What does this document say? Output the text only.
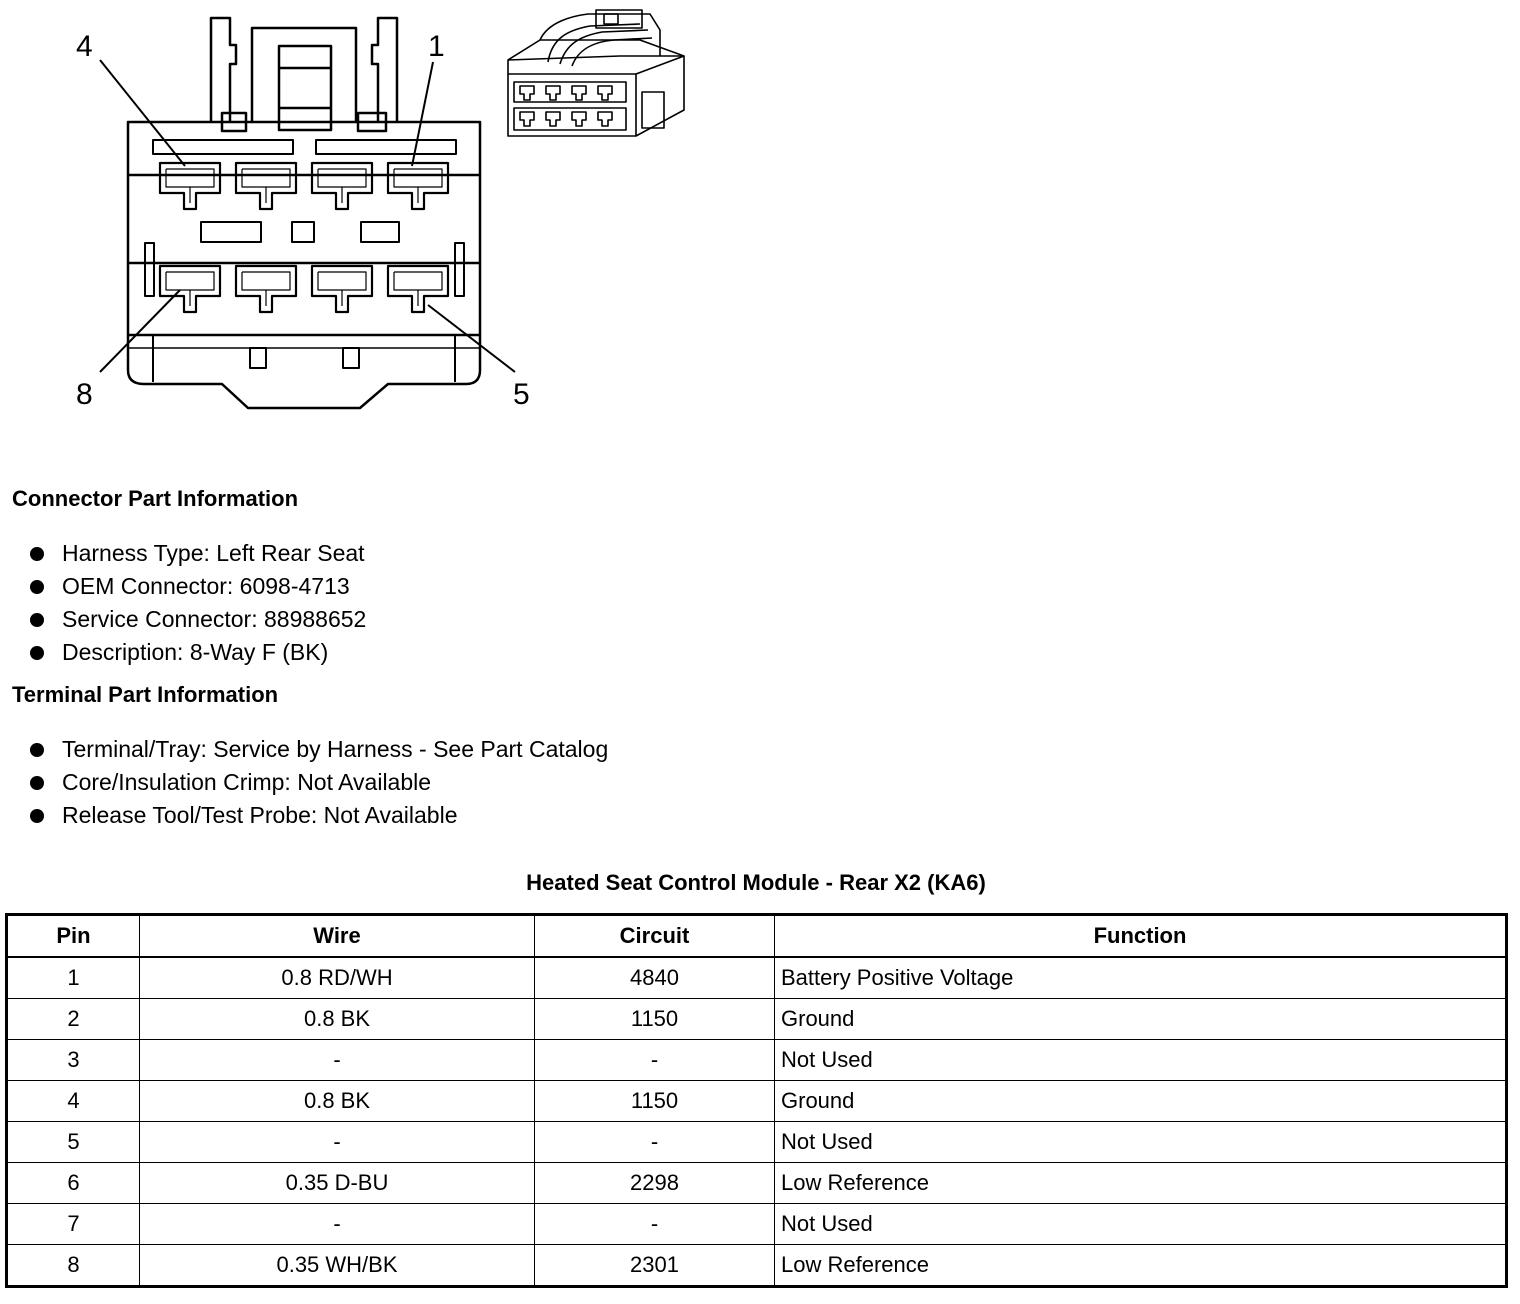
4	1
8	5
Connector Part Information
Harness Type: Left Rear Seat
OEM Connector: 6098-4713
Service Connector: 88988652
Description: 8-Way F (BK)
Terminal Part Information
Terminal/Tray: Service by Harness - See Part Catalog
Core/Insulation Crimp: Not Available
Release Tool/Test Probe: Not Available
Heated Seat Control Module - Rear X2 (KA6)
Pin	Wire	Circuit	Function
1	0.8 RD/WH	4840	Battery Positive Voltage
2	0.8 BK	1150	Ground
3	-	-	Not Used
4	0.8 BK	1150	Ground
5	-	-	Not Used
6	0.35 D-BU	2298	Low Reference
7	-	-	Not Used
8	0.35 WH/BK	2301	Low Reference
